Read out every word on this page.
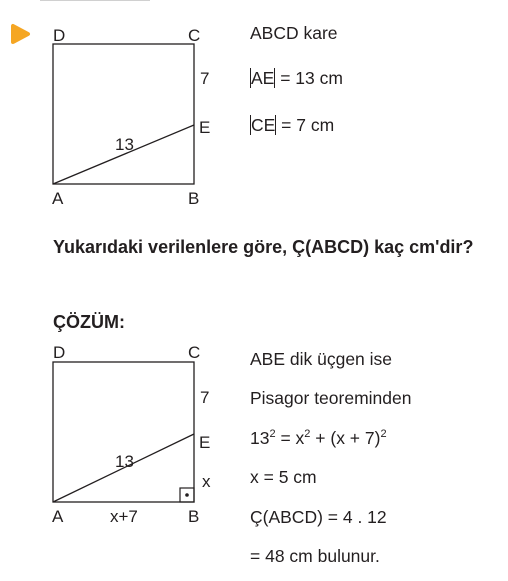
D	C
7
E
13
A	B
ABCD kare
AE = 13 cm
CE = 7 cm
Yukarıdaki verilenlere göre, Ç(ABCD) kaç cm'dir?
ÇÖZÜM:
D	C
7
E
13
x
A	x+7	B
ABE dik üçgen ise
Pisagor teoreminden
$13^2 = x^2 + (x + 7)^2$
x = 5 cm
Ç(ABCD) = 4 . 12
= 48 cm bulunur.
